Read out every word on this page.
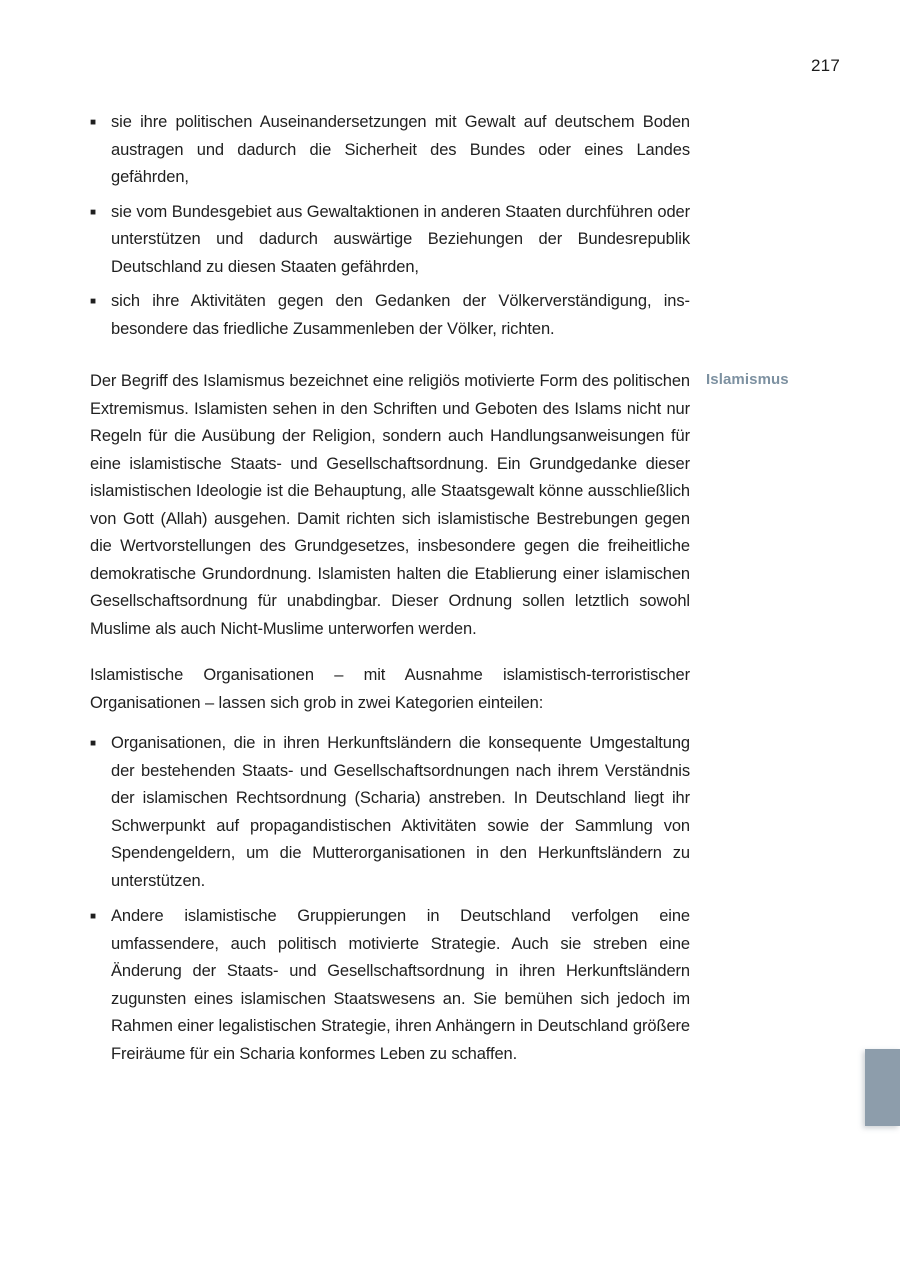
217
■ sie ihre politischen Auseinandersetzungen mit Gewalt auf deutschem Boden austragen und dadurch die Sicherheit des Bundes oder eines Landes gefährden,
■ sie vom Bundesgebiet aus Gewaltaktionen in anderen Staaten durchführen oder unterstützen und dadurch auswärtige Beziehungen der Bundesrepublik Deutschland zu diesen Staaten gefährden,
■ sich ihre Aktivitäten gegen den Gedanken der Völkerverständigung, insbesondere das friedliche Zusammenleben der Völker, richten.

Der Begriff des Islamismus bezeichnet eine religiös motivierte Form des politischen Extremismus. Islamisten sehen in den Schriften und Geboten des Islams nicht nur Regeln für die Ausübung der Religion, sondern auch Handlungsanweisungen für eine islamistische Staats- und Gesellschaftsordnung. Ein Grundgedanke dieser islamistischen Ideologie ist die Behauptung, alle Staatsgewalt könne ausschließlich von Gott (Allah) ausgehen. Damit richten sich islamistische Bestrebungen gegen die Wertvorstellungen des Grundgesetzes, insbesondere gegen die freiheitliche demokratische Grundordnung. Islamisten halten die Etablierung einer islamischen Gesellschaftsordnung für unabdingbar. Dieser Ordnung sollen letztlich sowohl Muslime als auch Nicht-Muslime unterworfen werden.

Islamistische Organisationen – mit Ausnahme islamistisch-terroristischer Organisationen – lassen sich grob in zwei Kategorien einteilen:

■ Organisationen, die in ihren Herkunftsländern die konsequente Umgestaltung der bestehenden Staats- und Gesellschaftsordnungen nach ihrem Verständnis der islamischen Rechtsordnung (Scharia) anstreben. In Deutschland liegt ihr Schwerpunkt auf propagandistischen Aktivitäten sowie der Sammlung von Spendengeldern, um die Mutterorganisationen in den Herkunftsländern zu unterstützen.
■ Andere islamistische Gruppierungen in Deutschland verfolgen eine umfassendere, auch politisch motivierte Strategie. Auch sie streben eine Änderung der Staats- und Gesellschaftsordnung in ihren Herkunftsländern zugunsten eines islamischen Staatswesens an. Sie bemühen sich jedoch im Rahmen einer legalistischen Strategie, ihren Anhängern in Deutschland größere Freiräume für ein Scharia konformes Leben zu schaffen.
Islamismus
